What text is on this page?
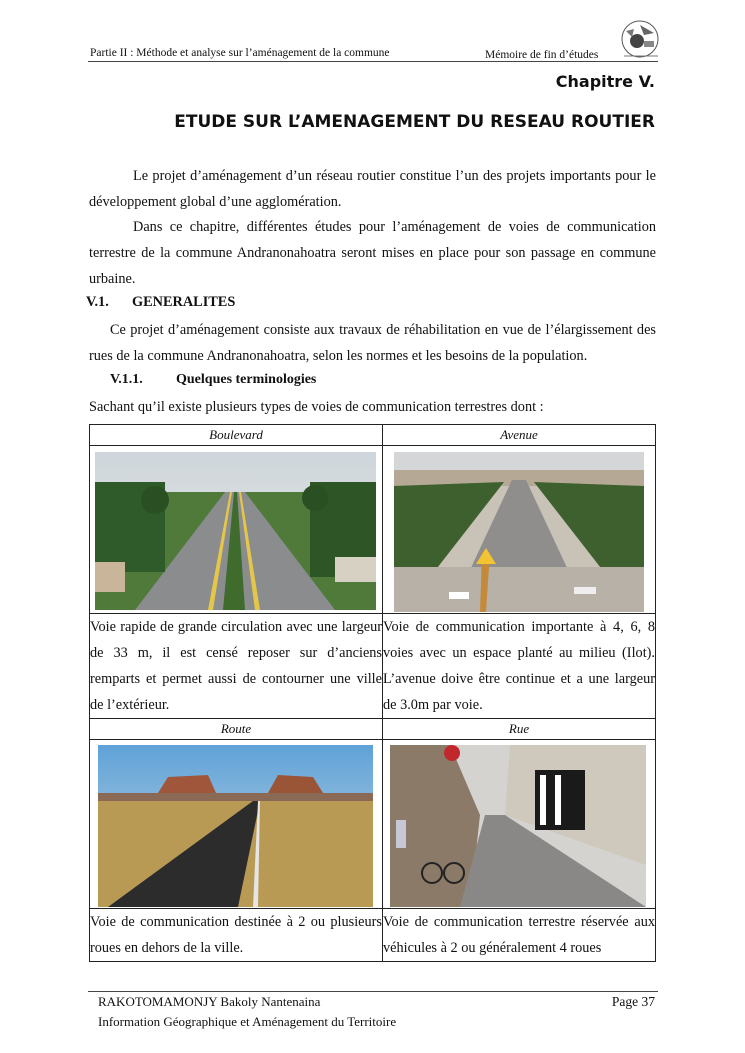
Partie II : Méthode et analyse sur l’aménagement de la commune	Mémoire de fin d’études
Chapitre V.
ETUDE SUR L’AMENAGEMENT DU RESEAU ROUTIER
Le projet d’aménagement d’un réseau routier constitue l’un des projets importants pour le développement global d’une agglomération.
Dans ce chapitre, différentes études pour l’aménagement de voies de communication terrestre de la commune Andranonahoatra seront mises en place pour son passage en commune urbaine.
V.1. GENERALITES
Ce projet d’aménagement consiste aux travaux de réhabilitation en vue de l’élargissement des rues de la commune Andranonahoatra, selon les normes et les besoins de la population.
V.1.1. Quelques terminologies
Sachant qu’il existe plusieurs types de voies de communication terrestres dont :
Boulevard	Avenue

Voie rapide de grande circulation avec une largeur de 33 m, il est censé reposer sur d’anciens remparts et permet aussi de contourner une ville de l’extérieur.	Voie de communication importante à 4, 6, 8 voies avec un espace planté au milieu (Ilot). L’avenue doive être continue et a une largeur de 3.0m par voie.
Route	Rue

Voie de communication destinée à 2 ou plusieurs roues en dehors de la ville.	Voie de communication terrestre réservée aux véhicules à 2 ou généralement 4 roues
RAKOTOMAMONJY Bakoly Nantenaina
Information Géographique et Aménagement du Territoire
Page 37
